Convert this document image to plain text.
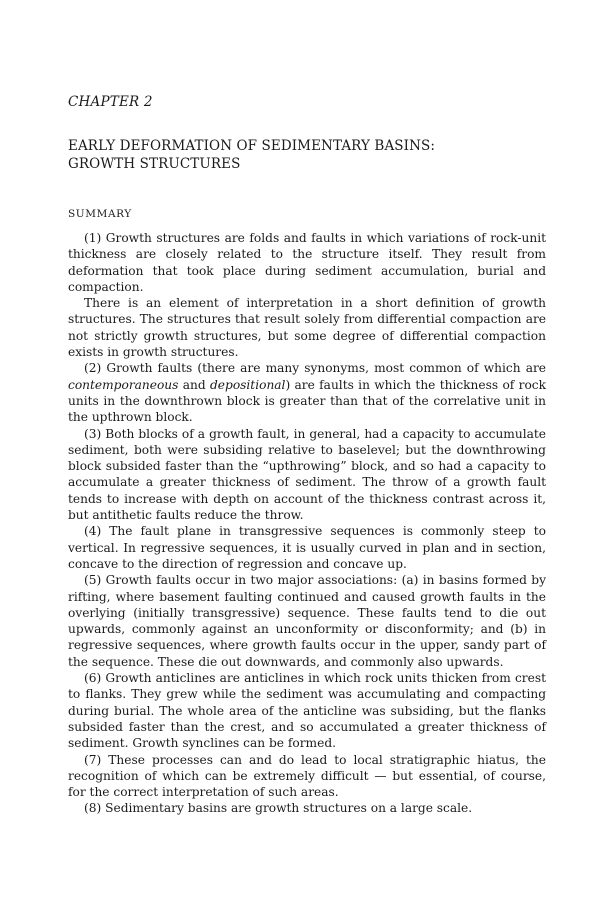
CHAPTER 2
EARLY DEFORMATION OF SEDIMENTARY BASINS:
GROWTH STRUCTURES
SUMMARY

(1) Growth structures are folds and faults in which variations of rock-unit thickness are closely related to the structure itself. They result from deformation that took place during sediment accumulation, burial and compaction.

There is an element of interpretation in a short definition of growth structures. The structures that result solely from differential compaction are not strictly growth structures, but some degree of differential compaction exists in growth structures.

(2) Growth faults (there are many synonyms, most common of which are contemporaneous and depositional) are faults in which the thickness of rock units in the downthrown block is greater than that of the correlative unit in the upthrown block.

(3) Both blocks of a growth fault, in general, had a capacity to accumulate sediment, both were subsiding relative to baselevel; but the downthrowing block subsided faster than the “upthrowing” block, and so had a capacity to accumulate a greater thickness of sediment. The throw of a growth fault tends to increase with depth on account of the thickness contrast across it, but antithetic faults reduce the throw.

(4) The fault plane in transgressive sequences is commonly steep to vertical. In regressive sequences, it is usually curved in plan and in section, concave to the direction of regression and concave up.

(5) Growth faults occur in two major associations: (a) in basins formed by rifting, where basement faulting continued and caused growth faults in the overlying (initially transgressive) sequence. These faults tend to die out upwards, commonly against an unconformity or disconformity; and (b) in regressive sequences, where growth faults occur in the upper, sandy part of the sequence. These die out downwards, and commonly also upwards.

(6) Growth anticlines are anticlines in which rock units thicken from crest to flanks. They grew while the sediment was accumulating and compacting during burial. The whole area of the anticline was subsiding, but the flanks subsided faster than the crest, and so accumulated a greater thickness of sediment. Growth synclines can be formed.

(7) These processes can and do lead to local stratigraphic hiatus, the recognition of which can be extremely difficult — but essential, of course, for the correct interpretation of such areas.

(8) Sedimentary basins are growth structures on a large scale.
